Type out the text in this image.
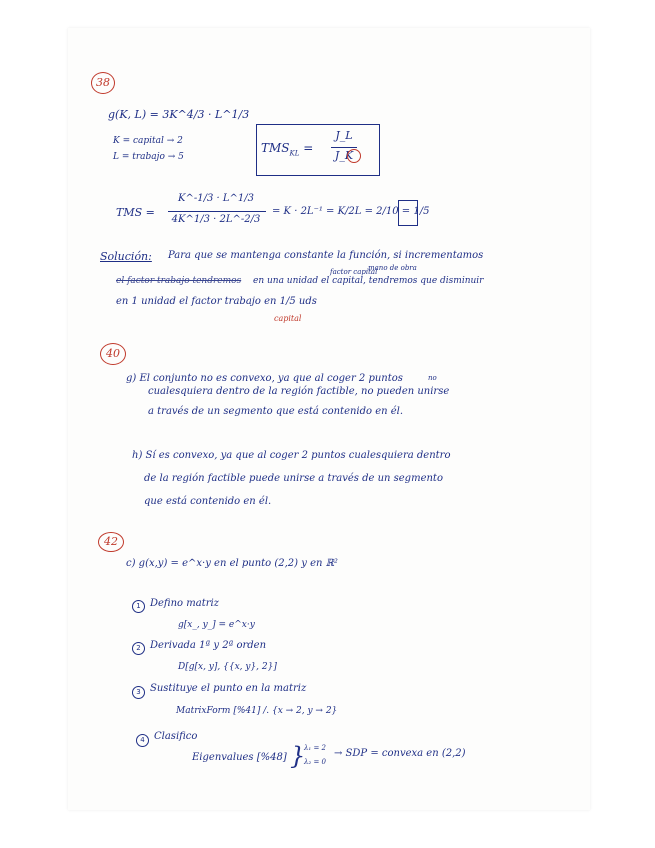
38
g(K, L) = 3K^4/3 · L^1/3
K = capital → 2
L = trabajo → 5
$TMS_{KL}$ =
J_L
J_K
TMS =
K^-1/3 · L^1/3
4K^1/3 · 2L^-2/3
= K · 2L⁻¹ = K/2L = 2/10 = 1/5
Solución: Para que se mantenga constante la función, si incrementamos
factor capital
mano de obra
el factor trabajo tendremos en una unidad el capital, tendremos que disminuir
en 1 unidad el factor trabajo en 1/5 uds
capital
40
g) El conjunto no es convexo, ya que al coger 2 puntos	no
cualesquiera dentro de la región factible, no pueden unirse
a través de un segmento que está contenido en él.
h) Sí es convexo, ya que al coger 2 puntos cualesquiera dentro
de la región factible puede unirse a través de un segmento
que está contenido en él.
42
c) g(x,y) = e^x·y en el punto (2,2) y en ℝ²
1 Defino matriz
g[x_, y_] = e^x·y
2 Derivada 1ª y 2ª orden
D[g[x, y], {{x, y}, 2}]
3 Sustituye el punto en la matriz
MatrixForm [%41] /. {x → 2, y → 2}
4 Clasifico
Eigenvalues [%48] }
λ₁ = 2
λ₂ = 0
→ SDP = convexa en (2,2)
